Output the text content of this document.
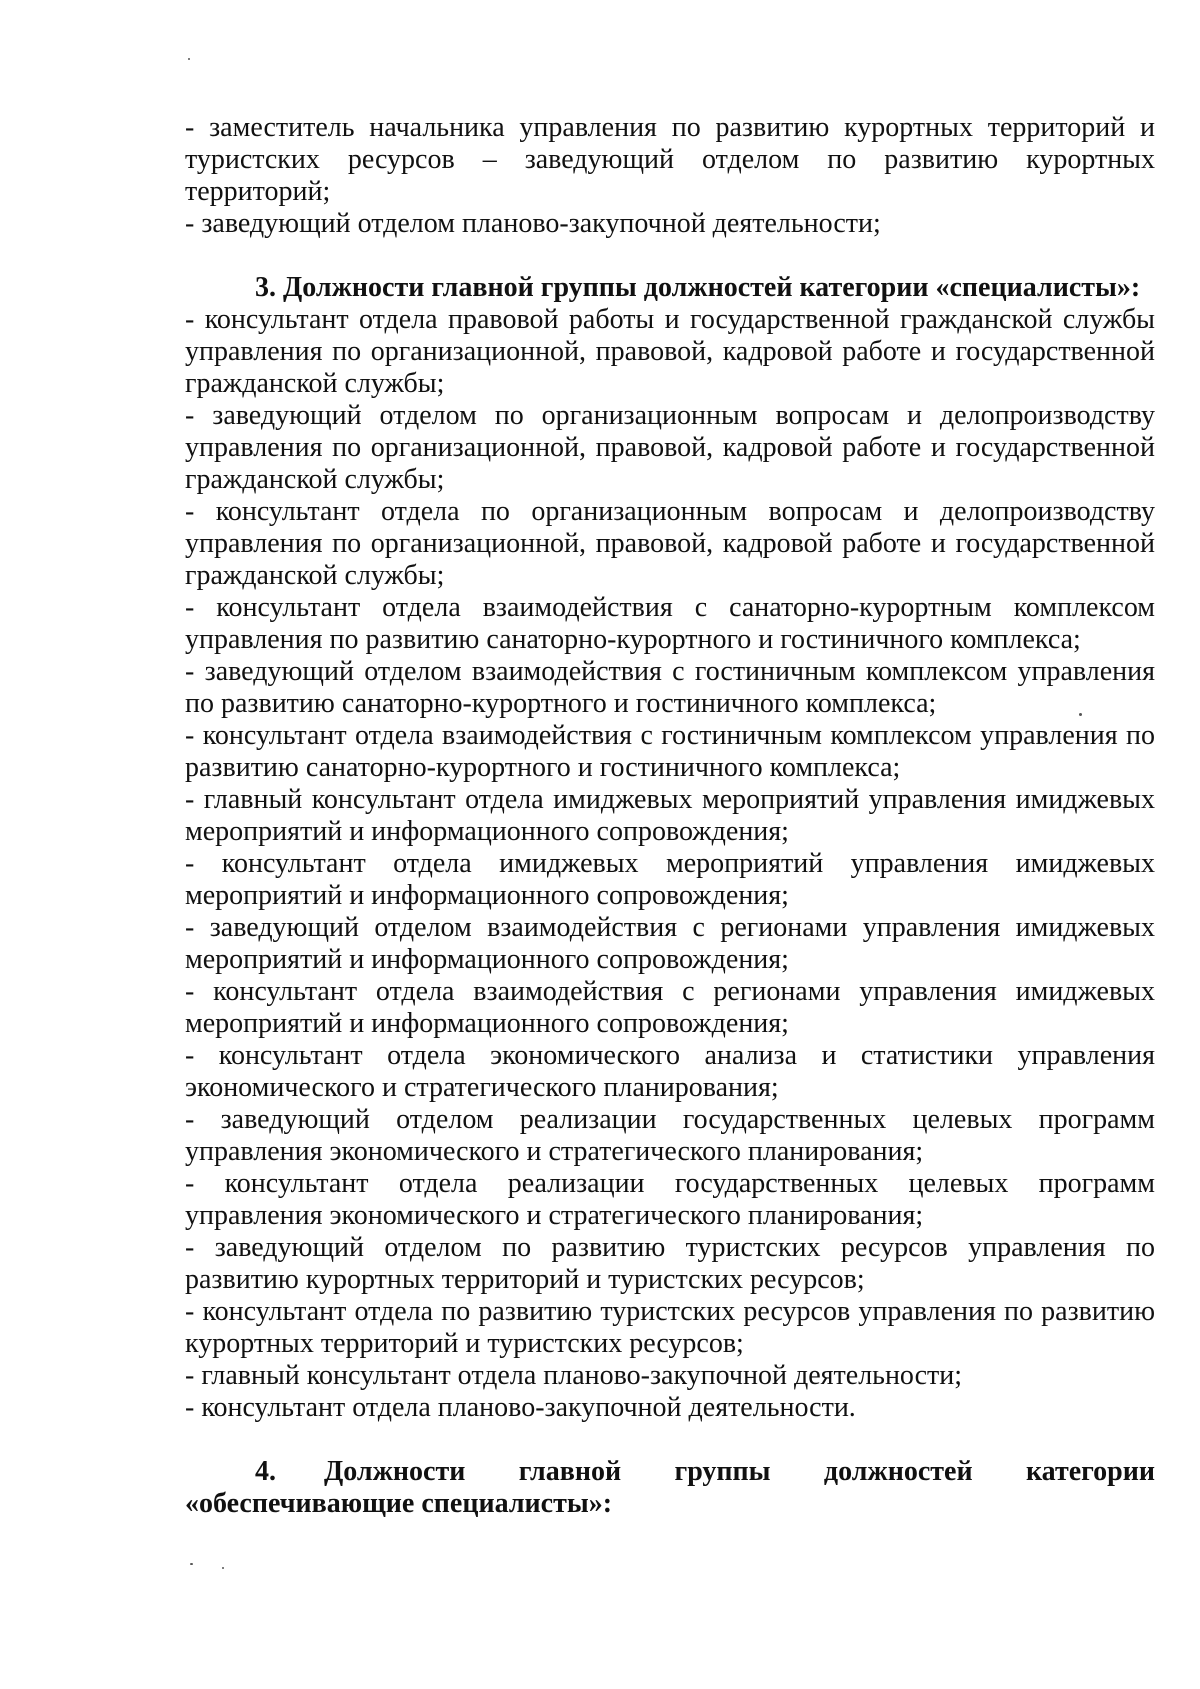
- заместитель начальника управления по развитию курортных территорий и туристских ресурсов – заведующий отделом по развитию курортных территорий;

- заведующий отделом планово-закупочной деятельности;

3. Должности главной группы должностей категории «специалисты»:

- консультант отдела правовой работы и государственной гражданской службы управления по организационной, правовой, кадровой работе и государственной гражданской службы;

- заведующий отделом по организационным вопросам и делопроизводству управления по организационной, правовой, кадровой работе и государственной гражданской службы;

- консультант отдела по организационным вопросам и делопроизводству управления по организационной, правовой, кадровой работе и государственной гражданской службы;

- консультант отдела взаимодействия с санаторно-курортным комплексом управления по развитию санаторно-курортного и гостиничного комплекса;

- заведующий отделом взаимодействия с гостиничным комплексом управления по развитию санаторно-курортного и гостиничного комплекса;

- консультант отдела взаимодействия с гостиничным комплексом управления по развитию санаторно-курортного и гостиничного комплекса;

- главный консультант отдела имиджевых мероприятий управления имиджевых мероприятий и информационного сопровождения;

- консультант отдела имиджевых мероприятий управления имиджевых мероприятий и информационного сопровождения;

- заведующий отделом взаимодействия с регионами управления имиджевых мероприятий и информационного сопровождения;

- консультант отдела взаимодействия с регионами управления имиджевых мероприятий и информационного сопровождения;

- консультант отдела экономического анализа и статистики управления экономического и стратегического планирования;

- заведующий отделом реализации государственных целевых программ управления экономического и стратегического планирования;

- консультант отдела реализации государственных целевых программ управления экономического и стратегического планирования;

- заведующий отделом по развитию туристских ресурсов управления по развитию курортных территорий и туристских ресурсов;

- консультант отдела по развитию туристских ресурсов управления по развитию курортных территорий и туристских ресурсов;

- главный консультант отдела планово-закупочной деятельности;

- консультант отдела планово-закупочной деятельности.

4. Должности главной группы должностей категории «обеспечивающие специалисты»:
